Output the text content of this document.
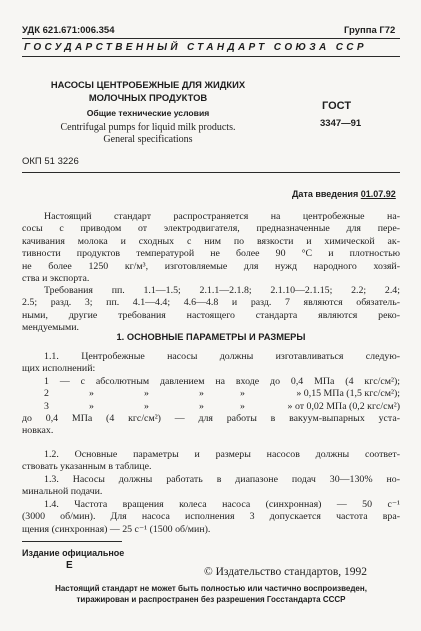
УДК 621.671:006.354	Группа Г72
ГОСУДАРСТВЕННЫЙ СТАНДАРТ СОЮЗА ССР
НАСОСЫ ЦЕНТРОБЕЖНЫЕ ДЛЯ ЖИДКИХ
МОЛОЧНЫХ ПРОДУКТОВ
Общие технические условия
Centrifugal pumps for liquid milk products.
General specifications
ГОСТ
3347—91
ОКП 51 3226
Дата введения 01.07.92
Настоящий стандарт распространяется на центробежные на-
сосы с приводом от электродвигателя, предназначенные для пере-
качивания молока и сходных с ним по вязкости и химической ак-
тивности продуктов температурой не более 90 °С и плотностью
не более 1250 кг/м³, изготовляемые для нужд народного хозяй-
ства и экспорта.
Требования пп. 1.1—1.5; 2.1.1—2.1.8; 2.1.10—2.1.15; 2.2; 2.4;
2.5; разд. 3; пп. 4.1—4.4; 4.6—4.8 и разд. 7 являются обязатель-
ными, другие требования настоящего стандарта являются реко-
мендуемыми.
1. ОСНОВНЫЕ ПАРАМЕТРЫ И РАЗМЕРЫ
1.1. Центробежные насосы должны изготавливаться следую-
щих исполнений:
1 — с абсолютным давлением на входе до 0,4 МПа (4 кгс/см²);
2	»	»	»	»	» 0,15 МПа (1,5 кгс/см²);
3	»	»	»	»	» от 0,02 МПа (0,2 кгс/см²)
до 0,4 МПа (4 кгс/см²) — для работы в вакуум-выпарных уста-
новках.
1.2. Основные параметры и размеры насосов должны соответ-
ствовать указанным в таблице.
1.3. Насосы должны работать в диапазоне подач 30—130% но-
минальной подачи.
1.4. Частота вращения колеса насоса (синхронная) — 50 с⁻¹
(3000 об/мин). Для насоса исполнения 3 допускается частота вра-
щения (синхронная) — 25 с⁻¹ (1500 об/мин).
Издание официальное
Е
© Издательство стандартов, 1992
Настоящий стандарт не может быть полностью или частично воспроизведен,
тиражирован и распространен без разрешения Госстандарта СССР
